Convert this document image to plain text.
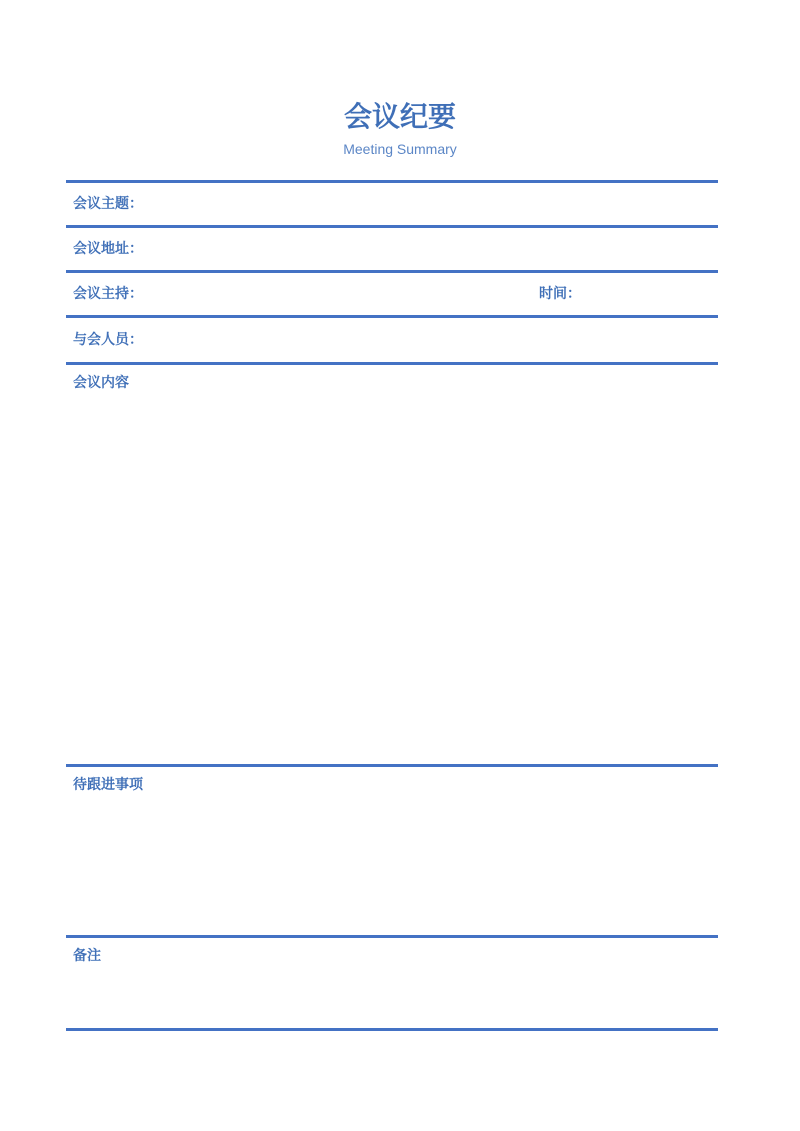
会议纪要
Meeting Summary
会议主题：
会议地址：
会议主持：	时间：
与会人员：
会议内容
待跟进事项
备注
